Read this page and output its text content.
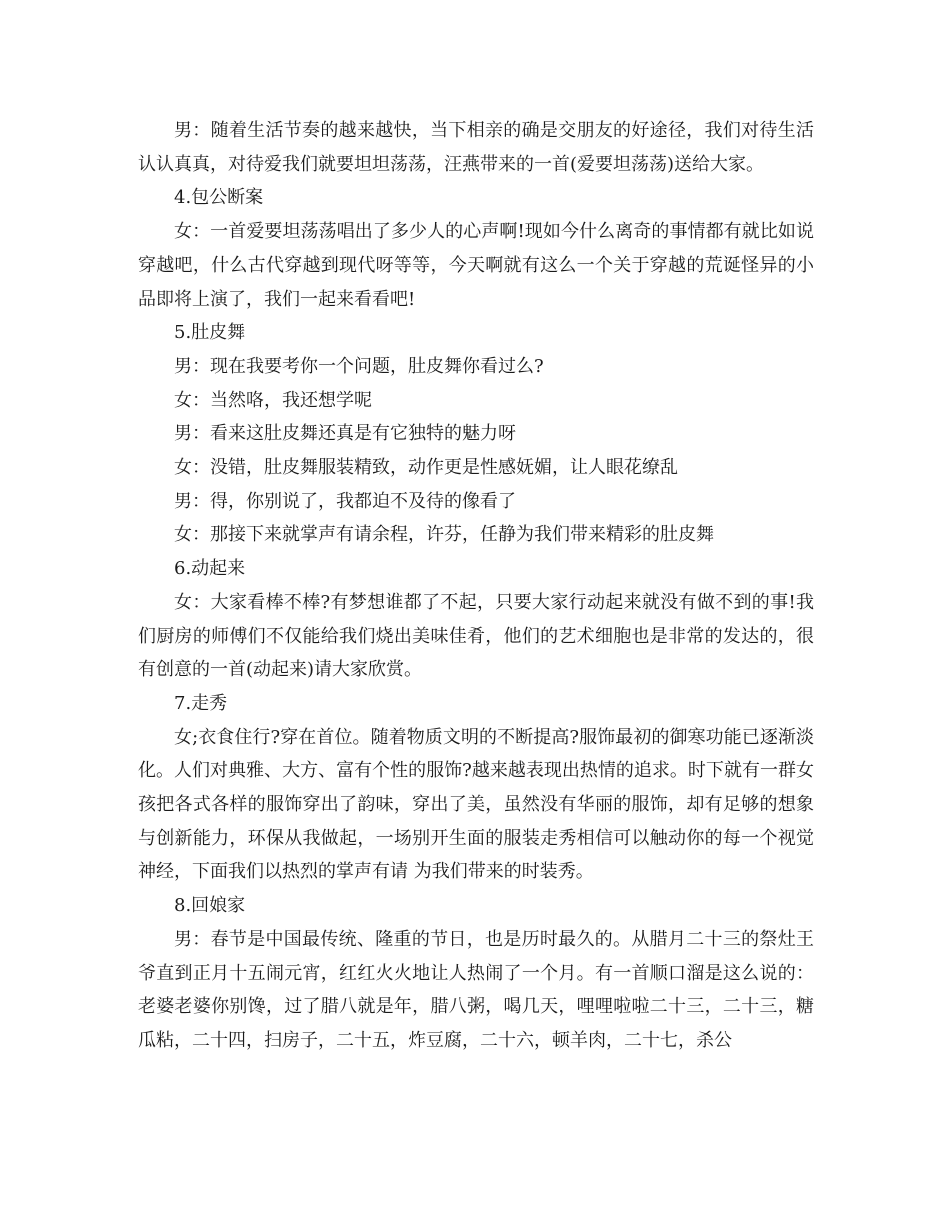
男：随着生活节奏的越来越快，当下相亲的确是交朋友的好途径，我们对待生活认认真真，对待爱我们就要坦坦荡荡，汪燕带来的一首(爱要坦荡荡)送给大家。

4.包公断案

女：一首爱要坦荡荡唱出了多少人的心声啊!现如今什么离奇的事情都有就比如说穿越吧，什么古代穿越到现代呀等等，今天啊就有这么一个关于穿越的荒诞怪异的小品即将上演了，我们一起来看看吧!

5.肚皮舞

男：现在我要考你一个问题，肚皮舞你看过么?

女：当然咯，我还想学呢

男：看来这肚皮舞还真是有它独特的魅力呀

女：没错，肚皮舞服装精致，动作更是性感妩媚，让人眼花缭乱

男：得，你别说了，我都迫不及待的像看了

女：那接下来就掌声有请余程，许芬，任静为我们带来精彩的肚皮舞

6.动起来

女：大家看棒不棒?有梦想谁都了不起，只要大家行动起来就没有做不到的事!我们厨房的师傅们不仅能给我们烧出美味佳肴，他们的艺术细胞也是非常的发达的，很有创意的一首(动起来)请大家欣赏。

7.走秀

女;衣食住行?穿在首位。随着物质文明的不断提高?服饰最初的御寒功能已逐渐淡化。人们对典雅、大方、富有个性的服饰?越来越表现出热情的追求。时下就有一群女孩把各式各样的服饰穿出了韵味，穿出了美，虽然没有华丽的服饰，却有足够的想象与创新能力，环保从我做起，一场别开生面的服装走秀相信可以触动你的每一个视觉神经，下面我们以热烈的掌声有请 为我们带来的时装秀。

8.回娘家

男：春节是中国最传统、隆重的节日，也是历时最久的。从腊月二十三的祭灶王爷直到正月十五闹元宵，红红火火地让人热闹了一个月。有一首顺口溜是这么说的：老婆老婆你别馋，过了腊八就是年，腊八粥，喝几天，哩哩啦啦二十三，二十三，糖瓜粘，二十四，扫房子，二十五，炸豆腐，二十六，顿羊肉，二十七，杀公
